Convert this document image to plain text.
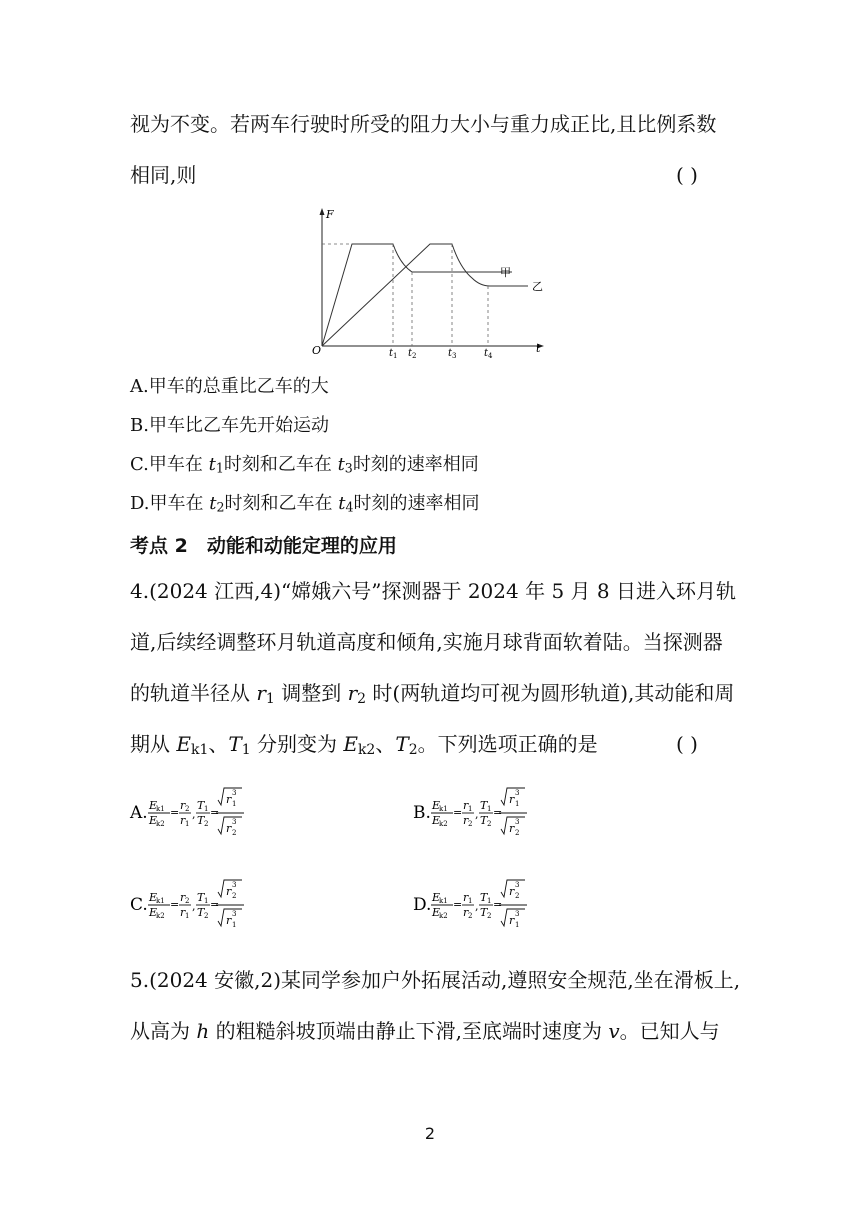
视为不变。若两车行驶时所受的阻力大小与重力成正比,且比例系数
相同,则	( )
F
t
O	$t_1$ $t_2$	$t_3$	$t_4$
甲
乙
A.甲车的总重比乙车的大
B.甲车比乙车先开始运动
C.甲车在 $t_1$时刻和乙车在 $t_3$时刻的速率相同
D.甲车在 $t_2$时刻和乙车在 $t_4$时刻的速率相同
考点 2　动能和动能定理的应用
4.(2024 江西,4)“嫦娥六号”探测器于 2024 年 5 月 8 日进入环月轨
道,后续经调整环月轨道高度和倾角,实施月球背面软着陆。当探测器
的轨道半径从 r1 调整到 r2 时(两轨道均可视为圆形轨道),其动能和周
期从 Ek1、T1 分别变为 Ek2、T2。下列选项正确的是	( )
A. E
k1
E
k2
=
r 2
r 1
,
T 1
T 2
=
r 3
1
r 3
2
B. E
k1
E
k2
=
r 1
r 2
,
T 1
T 2
=
r 3
1
r 3
2
C. E
k1
E
k2
=
r 2
r 1
,
T 1
T 2
=
r 3
2
r 3
1
D. E
k1
E
k2
=
r 1
r 2
,
T 1
T 2
=
r 3
2
r 3
1
5.(2024 安徽,2)某同学参加户外拓展活动,遵照安全规范,坐在滑板上,
从高为 h 的粗糙斜坡顶端由静止下滑,至底端时速度为 v。已知人与
2
